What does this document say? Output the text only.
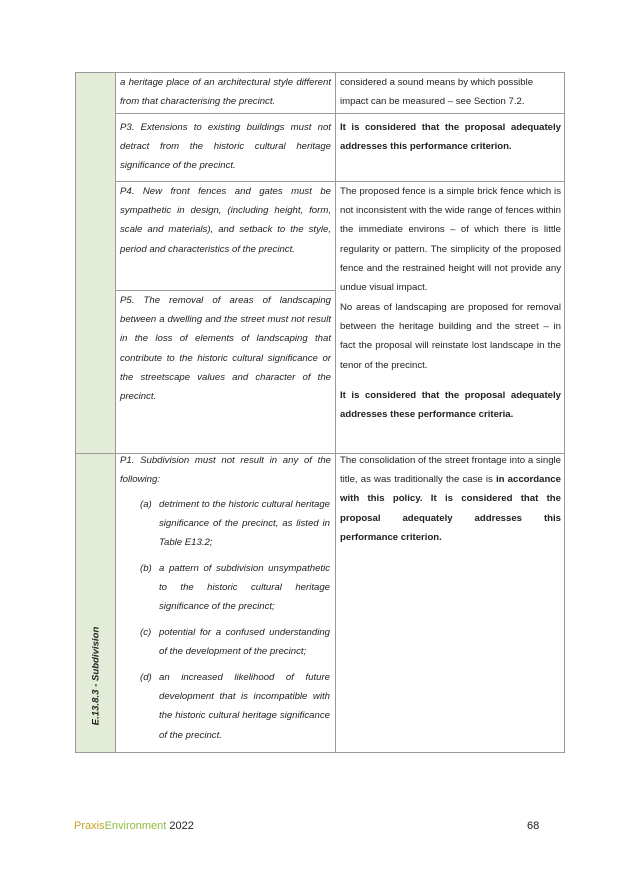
E.13.8.3 - Subdivision
a heritage place of an architectural style different from that characterising the precinct.
considered a sound means by which possible impact can be measured – see Section 7.2.
P3. Extensions to existing buildings must not detract from the historic cultural heritage significance of the precinct.
It is considered that the proposal adequately addresses this performance criterion.
P4. New front fences and gates must be sympathetic in design, (including height, form, scale and materials), and setback to the style, period and characteristics of the precinct.
The proposed fence is a simple brick fence which is not inconsistent with the wide range of fences within the immediate environs – of which there is little regularity or pattern. The simplicity of the proposed fence and the restrained height will not provide any undue visual impact.
P5. The removal of areas of landscaping between a dwelling and the street must not result in the loss of elements of landscaping that contribute to the historic cultural significance or the streetscape values and character of the precinct.
No areas of landscaping are proposed for removal between the heritage building and the street – in fact the proposal will reinstate lost landscape in the tenor of the precinct.
It is considered that the proposal adequately addresses these performance criteria.
P1. Subdivision must not result in any of the following:
(a) detriment to the historic cultural heritage significance of the precinct, as listed in Table E13.2;
(b) a pattern of subdivision unsympathetic to the historic cultural heritage significance of the precinct;
(c) potential for a confused understanding of the development of the precinct;
(d) an increased likelihood of future development that is incompatible with the historic cultural heritage significance of the precinct.
The consolidation of the street frontage into a single title, as was traditionally the case is in accordance with this policy. It is considered that the proposal adequately addresses this performance criterion.
PraxisEnvironment 2022	68
